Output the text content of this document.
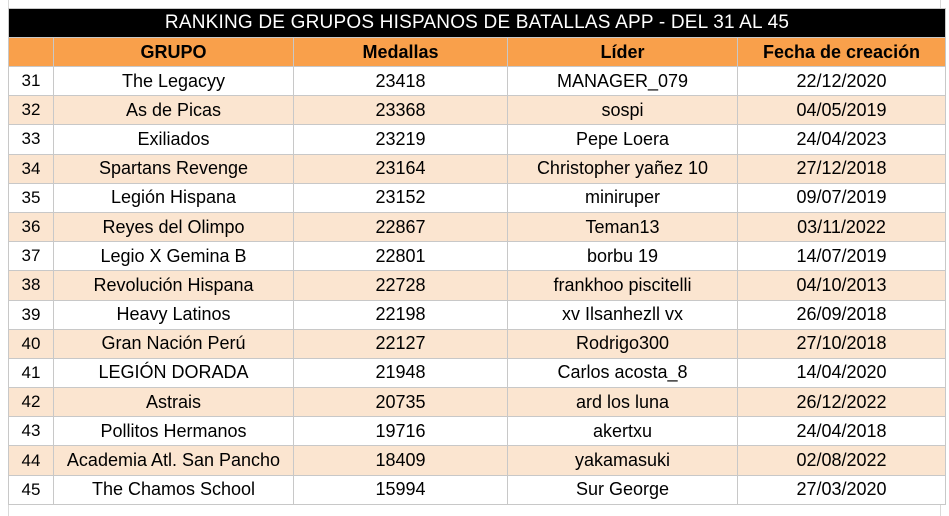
RANKING DE GRUPOS HISPANOS DE BATALLAS APP - DEL 31 AL 45				
	GRUPO	Medallas	Líder	Fecha de creación
31	The Legacyy	23418	MANAGER_079	22/12/2020
32	As de Picas	23368	sospi	04/05/2019
33	Exiliados	23219	Pepe Loera	24/04/2023
34	Spartans Revenge	23164	Christopher yañez 10	27/12/2018
35	Legión Hispana	23152	miniruper	09/07/2019
36	Reyes del Olimpo	22867	Teman13	03/11/2022
37	Legio X Gemina B	22801	borbu 19	14/07/2019
38	Revolución Hispana	22728	frankhoo piscitelli	04/10/2013
39	Heavy Latinos	22198	xv Ilsanhezll vx	26/09/2018
40	Gran Nación Perú	22127	Rodrigo300	27/10/2018
41	LEGIÓN DORADA	21948	Carlos acosta_8	14/04/2020
42	Astrais	20735	ard los luna	26/12/2022
43	Pollitos Hermanos	19716	akertxu	24/04/2018
44	Academia Atl. San Pancho	18409	yakamasuki	02/08/2022
45	The Chamos School	15994	Sur George	27/03/2020
